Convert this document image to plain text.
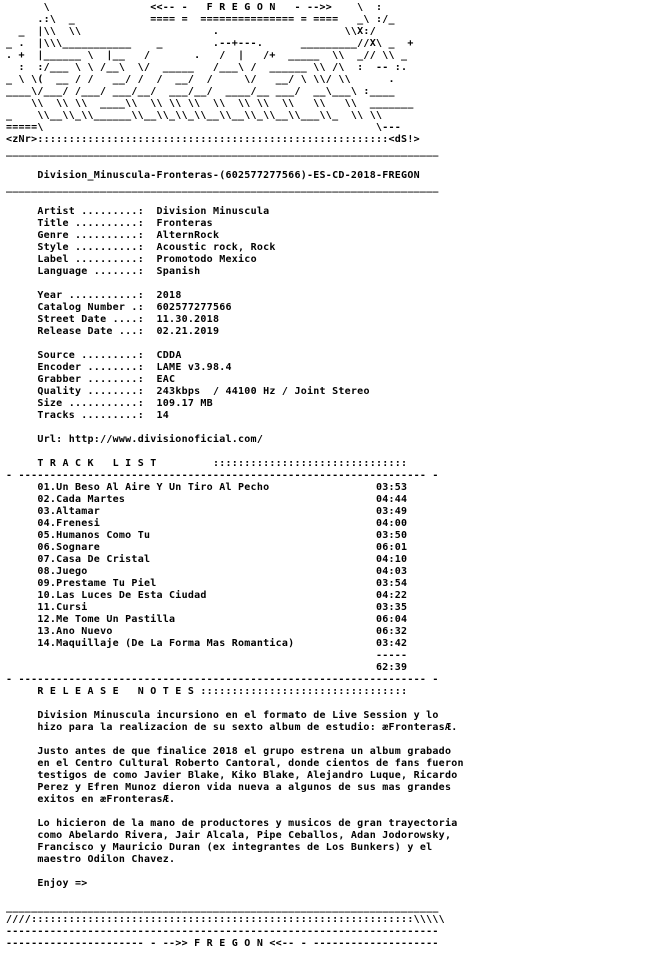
\                <<-- -   F R E G O N   - -->>    \  :
.:\  _            ==== =  =============== = ====   _\ :/_
_  |\\  \\                     .                    \\X:/
_ .  |\\\___________    _        .--+---.      _________//X\ _  +
. +  |______ \  |__   /       .   /  |   /+  _____  \\  _// \\ _
:  :/___ \ \ /__\  \/  _____   /___\ /  ______ \\ /\  :  -- :.
_ \ \(  __ / /   __/ /  /  __/  /     \/   __/ \ \\/ \\      .
____\/___/ /___/ ___/__/  ___/__/  ____/__ ___/  __\___\ :____
\\  \\ \\  ____\\  \\ \\ \\  \\  \\ \\  \\   \\   \\  _______
_    \\__\\_\\______\\__\\_\\_\\__\\__\\_\\__\\___\\_  \\ \\
=====\                                                     \---
<zNr>::::::::::::::::::::::::::::::::::::::::::::::::::::::::<dS!>
_____________________________________________________________________

Division_Minuscula-Fronteras-(602577277566)-ES-CD-2018-FREGON
_____________________________________________________________________

Artist .........: Division Minuscula
Title ..........: Fronteras
Genre ..........: AlternRock
Style ..........: Acoustic rock, Rock
Label ..........: Promotodo Mexico
Language .......: Spanish

Year ...........: 2018
Catalog Number .: 602577277566
Street Date ....: 11.30.2018
Release Date ...: 02.21.2019

Source .........: CDDA
Encoder ........: LAME v3.98.4
Grabber ........: EAC
Quality ........: 243kbps  / 44100 Hz / Joint Stereo
Size ...........: 109.17 MB
Tracks .........: 14

Url: http://www.divisionoficial.com/

T R A C K   L I S T	:::::::::::::::::::::::::::::::
- ----------------------------------------------------------------- -
01.Un Beso Al Aire Y Un Tiro Al Pecho                 03:53
02.Cada Martes                                        04:44
03.Altamar                                            03:49
04.Frenesi                                            04:00
05.Humanos Como Tu                                    03:50
06.Sognare                                            06:01
07.Casa De Cristal                                    04:10
08.Juego                                              04:03
09.Prestame Tu Piel                                   03:54
10.Las Luces De Esta Ciudad                           04:22
11.Cursi                                              03:35
12.Me Tome Un Pastilla                                06:04
13.Ano Nuevo                                          06:32
14.Maquillaje (De La Forma Mas Romantica)             03:42
-----
62:39
- ----------------------------------------------------------------- -
R E L E A S E   N O T E S :::::::::::::::::::::::::::::::::

Division Minuscula incursiono en el formato de Live Session y lo
hizo para la realizacion de su sexto album de estudio: æFronterasÆ.

Justo antes de que finalice 2018 el grupo estrena un album grabado
en el Centro Cultural Roberto Cantoral, donde cientos de fans fueron
testigos de como Javier Blake, Kiko Blake, Alejandro Luque, Ricardo
Perez y Efren Munoz dieron vida nueva a algunos de sus mas grandes
exitos en æFronterasÆ.

Lo hicieron de la mano de productores y musicos de gran trayectoria
como Abelardo Rivera, Jair Alcala, Pipe Ceballos, Adan Jodorowsky,
Francisco y Mauricio Duran (ex integrantes de Los Bunkers) y el
maestro Odilon Chavez.

Enjoy =>

_____________________________________________________________________
////:::::::::::::::::::::::::::::::::::::::::::::::::::::::::::::\\\\\
---------------------------------------------------------------------
---------------------- - -->> F R E G O N <<-- - --------------------
